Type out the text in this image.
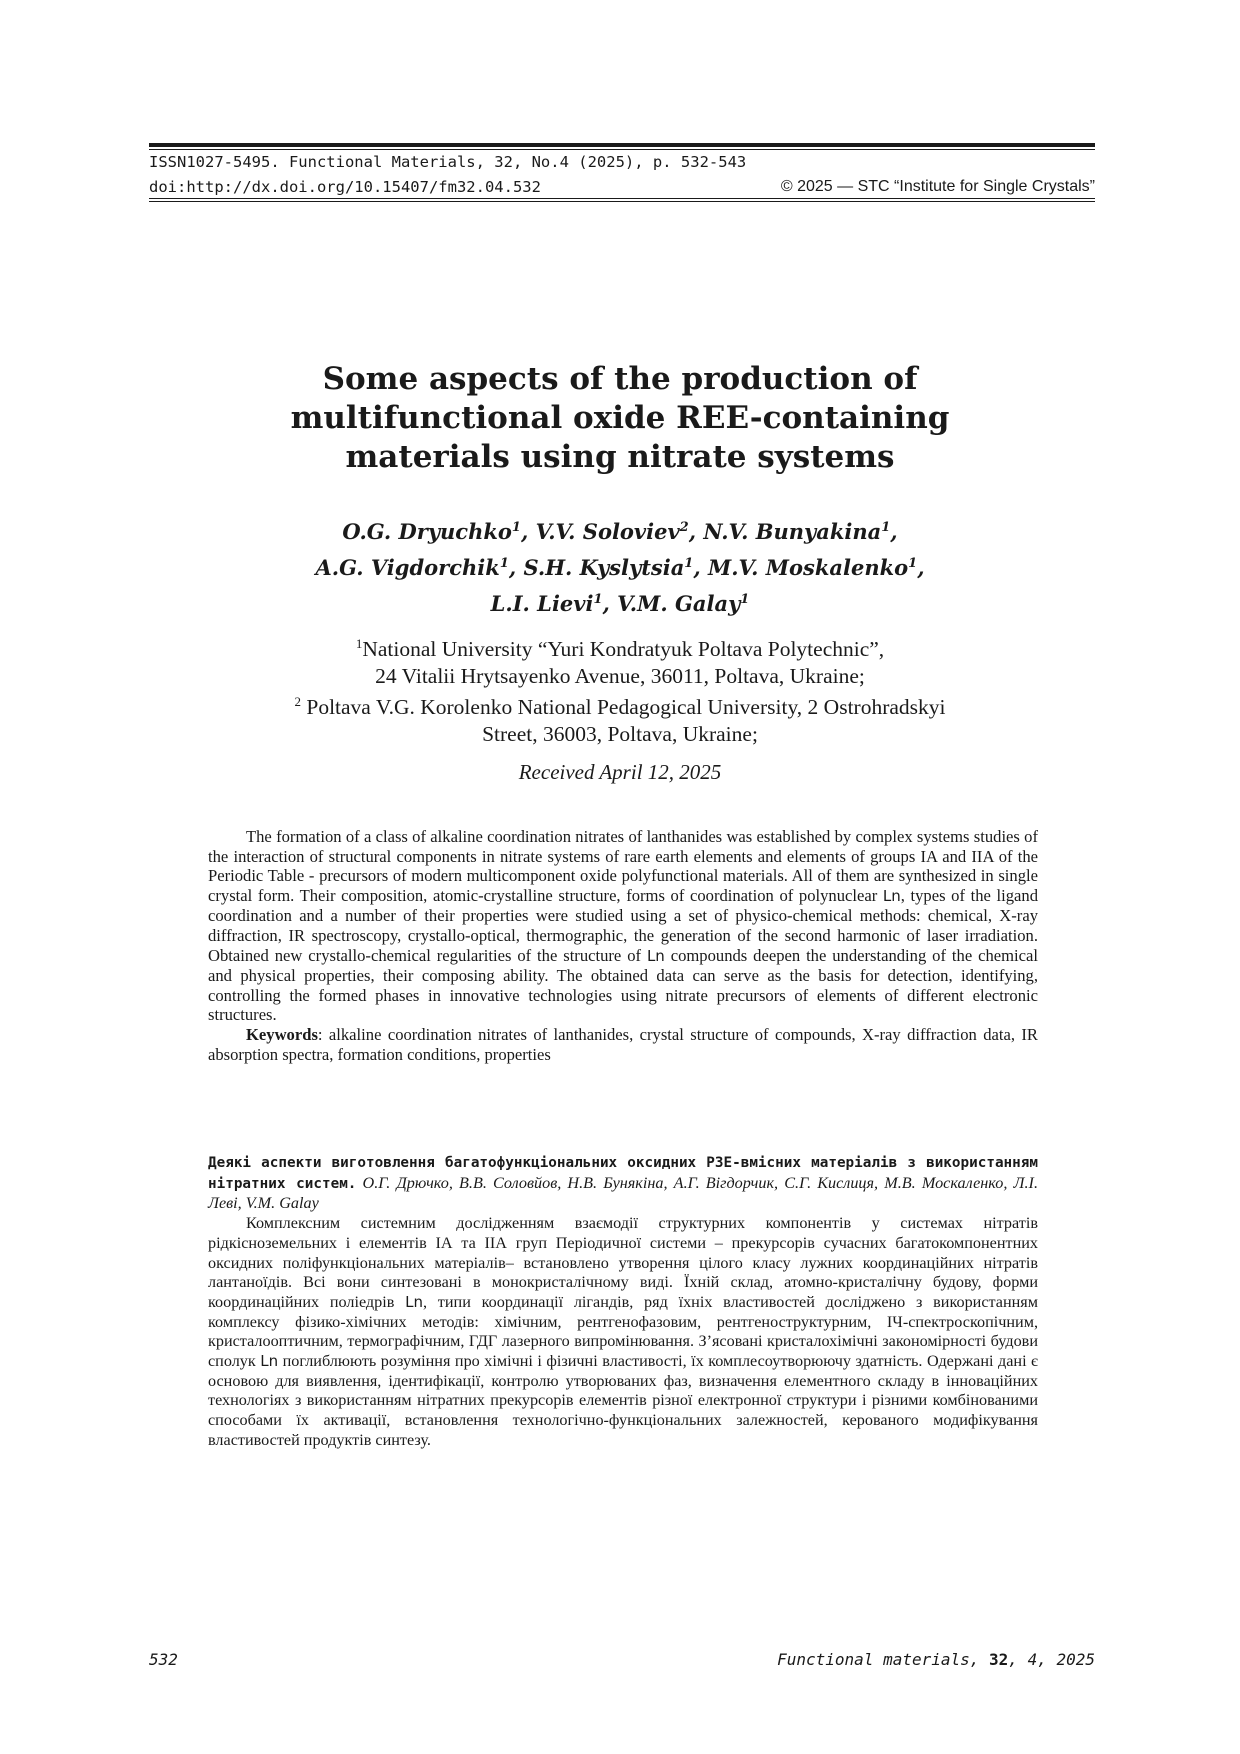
ISSN1027-5495. Functional Materials, 32, No.4 (2025), p. 532-543
doi:http://dx.doi.org/10.15407/fm32.04.532	© 2025 — STC “Institute for Single Crystals”
Some aspects of the production of
multifunctional oxide REE-containing
materials using nitrate systems
O.G. Dryuchko$^1$, V.V. Soloviev$^2$, N.V. Bunyakina$^1$,
A.G. Vigdorchik$^1$, S.H. Kyslytsia$^1$, M.V. Moskalenko$^1$,
L.I. Lievi$^1$, V.M. Galay$^1$
$^1$National University “Yuri Kondratyuk Poltava Polytechnic”,
24 Vitalii Hrytsayenko Avenue, 36011, Poltava, Ukraine;
$^2$ Poltava V.G. Korolenko National Pedagogical University, 2 Ostrohradskyi
Street, 36003, Poltava, Ukraine;
Received April 12, 2025

The formation of a class of alkaline coordination nitrates of lanthanides was established by complex systems studies of the interaction of structural components in nitrate systems of rare earth elements and elements of groups IA and IIA of the Periodic Table - precursors of modern multicomponent oxide polyfunctional materials. All of them are synthesized in single crystal form. Their composition, atomic-crystalline structure, forms of coordination of polynuclear Ln, types of the ligand coordination and a number of their properties were studied using a set of physico-chemical methods: chemical, X-ray diffraction, IR spectroscopy, crystallo-optical, thermographic, the generation of the second harmonic of laser irradiation. Obtained new crystallo-chemical regularities of the structure of Ln compounds deepen the understanding of the chemical and physical properties, their composing ability. The obtained data can serve as the basis for detection, identifying, controlling the formed phases in innovative technologies using nitrate precursors of elements of different electronic structures.

Keywords: alkaline coordination nitrates of lanthanides, crystal structure of compounds, X-ray diffraction data, IR absorption spectra, formation conditions, properties

Деякі аспекти виготовлення багатофункціональних оксидних РЗЕ-вмісних матеріалів з використанням нітратних систем. О.Г. Дрючко, В.В. Соловйов, Н.В. Бунякіна, А.Г. Вігдорчик, С.Г. Кислиця, М.В. Москаленко, Л.І. Леві, V.M. Galay

Комплексним системним дослідженням взаємодії структурних компонентів у системах нітратів рідкісноземельних і елементів ІА та ІІА груп Періодичної системи – прекурсорів сучасних багатокомпонентних оксидних поліфункціональних матеріалів– встановлено утворення цілого класу лужних координаційних нітратів лантаноїдів. Всі вони синтезовані в монокристалічному виді. Їхній склад, атомно-кристалічну будову, форми координаційних поліедрів Ln, типи координації лігандів, ряд їхніх властивостей досліджено з використанням комплексу фізико-хімічних методів: хімічним, рентгенофазовим, рентгеноструктурним, ІЧ-спектроскопічним, кристалооптичним, термографічним, ГДГ лазерного випромінювання. З’ясовані кристалохімічні закономірності будови сполук Ln поглиблюють розуміння про хімічні і фізичні властивості, їх комплесоутворюючу здатність. Одержані дані є основою для виявлення, ідентифікації, контролю утворюваних фаз, визначення елементного складу в інноваційних технологіях з використанням нітратних прекурсорів елементів різної електронної структури і різними комбінованими способами їх активації, встановлення технологічно-функціональних залежностей, керованого модифікування властивостей продуктів синтезу.

532	Functional materials, 32, 4, 2025
